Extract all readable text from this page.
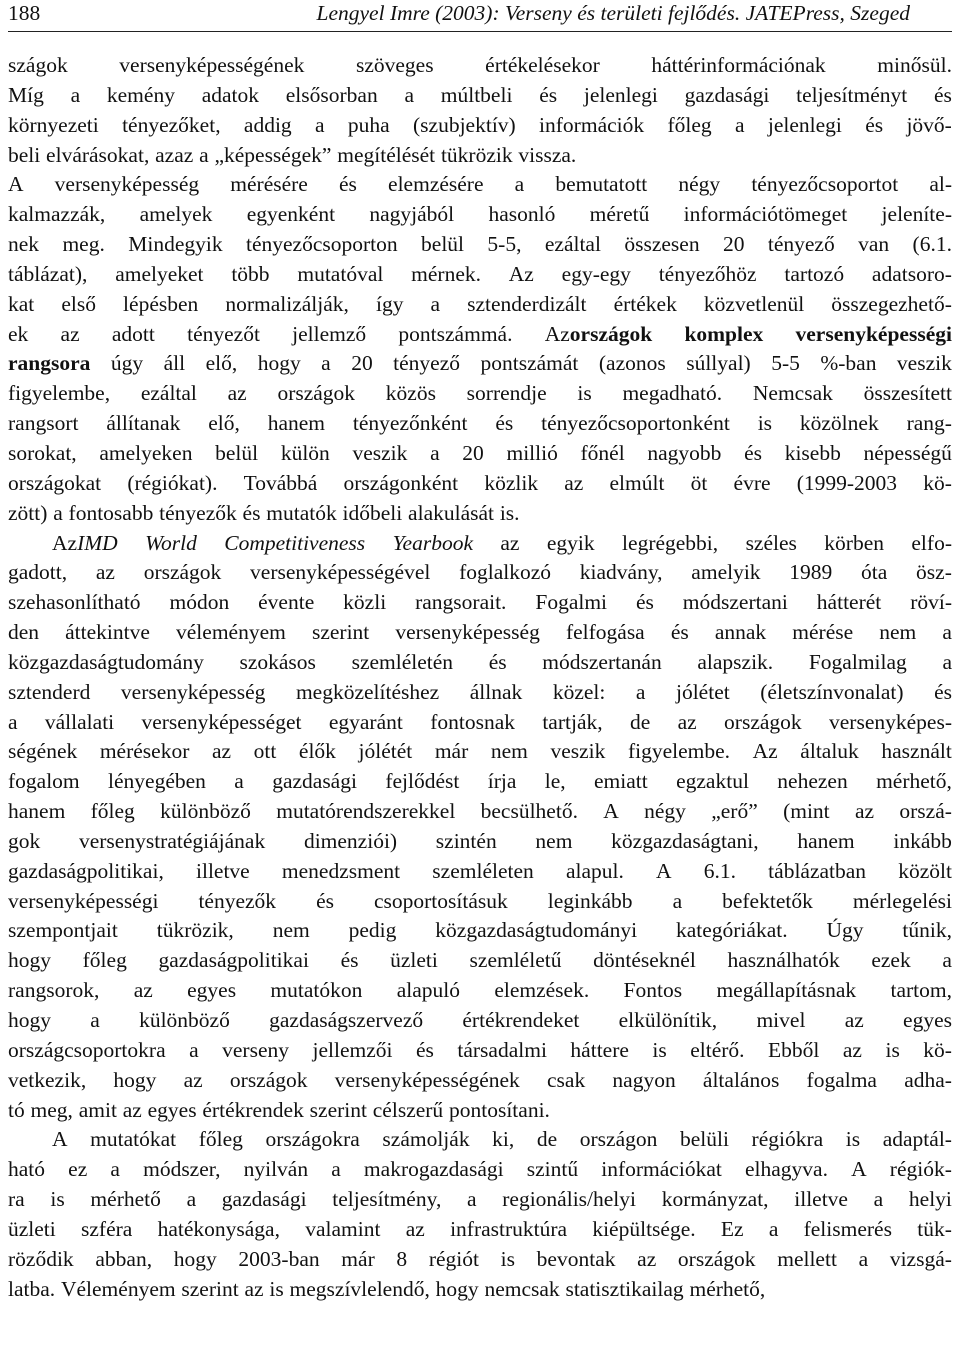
188	Lengyel Imre (2003): Verseny és területi fejlődés. JATEPress, Szeged
szágok versenyképességének szöveges értékelésekor háttérinformációnak minősül.
Míg a kemény adatok elsősorban a múltbeli és jelenlegi gazdasági teljesítményt és
környezeti tényezőket, addig a puha (szubjektív) információk főleg a jelenlegi és jövő-
beli elvárásokat, azaz a „képességek” megítélését tükrözik vissza.
A versenyképesség mérésére és elemzésére a bemutatott négy tényezőcsoportot al-
kalmazzák, amelyek egyenként nagyjából hasonló méretű információtömeget jeleníte-
nek meg. Mindegyik tényezőcsoporton belül 5-5, ezáltal összesen 20 tényező van (6.1.
táblázat), amelyeket több mutatóval mérnek. Az egy-egy tényezőhöz tartozó adatsoro-
kat első lépésben normalizálják, így a sztenderdizált értékek közvetlenül összegezhető-
ek az adott tényezőt jellemző pontszámmá. Azországok komplex versenyképességi
rangsora úgy áll elő, hogy a 20 tényező pontszámát (azonos súllyal) 5-5 %-ban veszik
figyelembe, ezáltal az országok közös sorrendje is megadható. Nemcsak összesített
rangsort állítanak elő, hanem tényezőnként és tényezőcsoportonként is közölnek rang-
sorokat, amelyeken belül külön veszik a 20 millió főnél nagyobb és kisebb népességű
országokat (régiókat). Továbbá országonként közlik az elmúlt öt évre (1999-2003 kö-
zött) a fontosabb tényezők és mutatók időbeli alakulását is.
AzIMD World Competitiveness Yearbook az egyik legrégebbi, széles körben elfo-
gadott, az országok versenyképességével foglalkozó kiadvány, amelyik 1989 óta ösz-
szehasonlítható módon évente közli rangsorait. Fogalmi és módszertani hátterét röví-
den áttekintve véleményem szerint versenyképesség felfogása és annak mérése nem a
közgazdaságtudomány szokásos szemléletén és módszertanán alapszik. Fogalmilag a
sztenderd versenyképesség megközelítéshez állnak közel: a jólétet (életszínvonalat) és
a vállalati versenyképességet egyaránt fontosnak tartják, de az országok versenyképes-
ségének mérésekor az ott élők jólétét már nem veszik figyelembe. Az általuk használt
fogalom lényegében a gazdasági fejlődést írja le, emiatt egzaktul nehezen mérhető,
hanem főleg különböző mutatórendszerekkel becsülhető. A négy „erő” (mint az orszá-
gok versenystratégiájának dimenziói) szintén nem közgazdaságtani, hanem inkább
gazdaságpolitikai, illetve menedzsment szemléleten alapul. A 6.1. táblázatban közölt
versenyképességi tényezők és csoportosításuk leginkább a befektetők mérlegelési
szempontjait tükrözik, nem pedig közgazdaságtudományi kategóriákat. Úgy tűnik,
hogy főleg gazdaságpolitikai és üzleti szemléletű döntéseknél használhatók ezek a
rangsorok, az egyes mutatókon alapuló elemzések. Fontos megállapításnak tartom,
hogy a különböző gazdaságszervező értékrendeket elkülönítik, mivel az egyes
országcsoportokra a verseny jellemzői és társadalmi háttere is eltérő. Ebből az is kö-
vetkezik, hogy az országok versenyképességének csak nagyon általános fogalma adha-
tó meg, amit az egyes értékrendek szerint célszerű pontosítani.
A mutatókat főleg országokra számolják ki, de országon belüli régiókra is adaptál-
ható ez a módszer, nyilván a makrogazdasági szintű információkat elhagyva. A régiók-
ra is mérhető a gazdasági teljesítmény, a regionális/helyi kormányzat, illetve a helyi
üzleti szféra hatékonysága, valamint az infrastruktúra kiépültsége. Ez a felismerés tük-
röződik abban, hogy 2003-ban már 8 régiót is bevontak az országok mellett a vizsgá-
latba. Véleményem szerint az is megszívlelendő, hogy nemcsak statisztikailag mérhető,
